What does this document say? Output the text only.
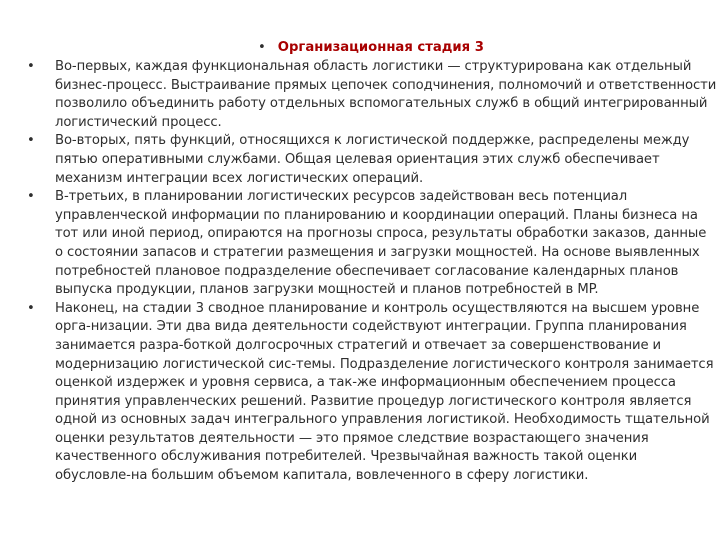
• Организационная стадия 3
• Во-первых, каждая функциональная область логистики — структурирована как отдельный бизнес-процесс. Выстраивание прямых цепочек соподчинения, полномочий и ответственности позволило объединить работу отдельных вспомогательных служб в общий интегрированный логистический процесс.
• Во-вторых, пять функций, относящихся к логистической поддержке, распределены между пятью оперативными службами. Общая целевая ориентация этих служб обеспечивает механизм интеграции всех логистических операций.
• В-третьих, в планировании логистических ресурсов задействован весь потенциал управленческой информации по планированию и координации операций. Планы бизнеса на тот или иной период, опираются на прогнозы спроса, результаты обработки заказов, данные о состоянии запасов и стратегии размещения и загрузки мощностей. На основе выявленных потребностей плановое подразделение обеспечивает согласование календарных планов выпуска продукции, планов загрузки мощностей и планов потребностей в MP.
• Наконец, на стадии 3 сводное планирование и контроль осуществляются на высшем уровне орга-низации. Эти два вида деятельности содействуют интеграции. Группа планирования занимается разра-боткой долгосрочных стратегий и отвечает за совершенствование и модернизацию логистической сис-темы. Подразделение логистического контроля занимается оценкой издержек и уровня сервиса, а так-же информационным обеспечением процесса принятия управленческих решений. Развитие процедур логистического контроля является одной из основных задач интегрального управления логистикой. Необходимость тщательной оценки результатов деятельности — это прямое следствие возрастающего значения качественного обслуживания потребителей. Чрезвычайная важность такой оценки обусловле-на большим объемом капитала, вовлеченного в сферу логистики.
